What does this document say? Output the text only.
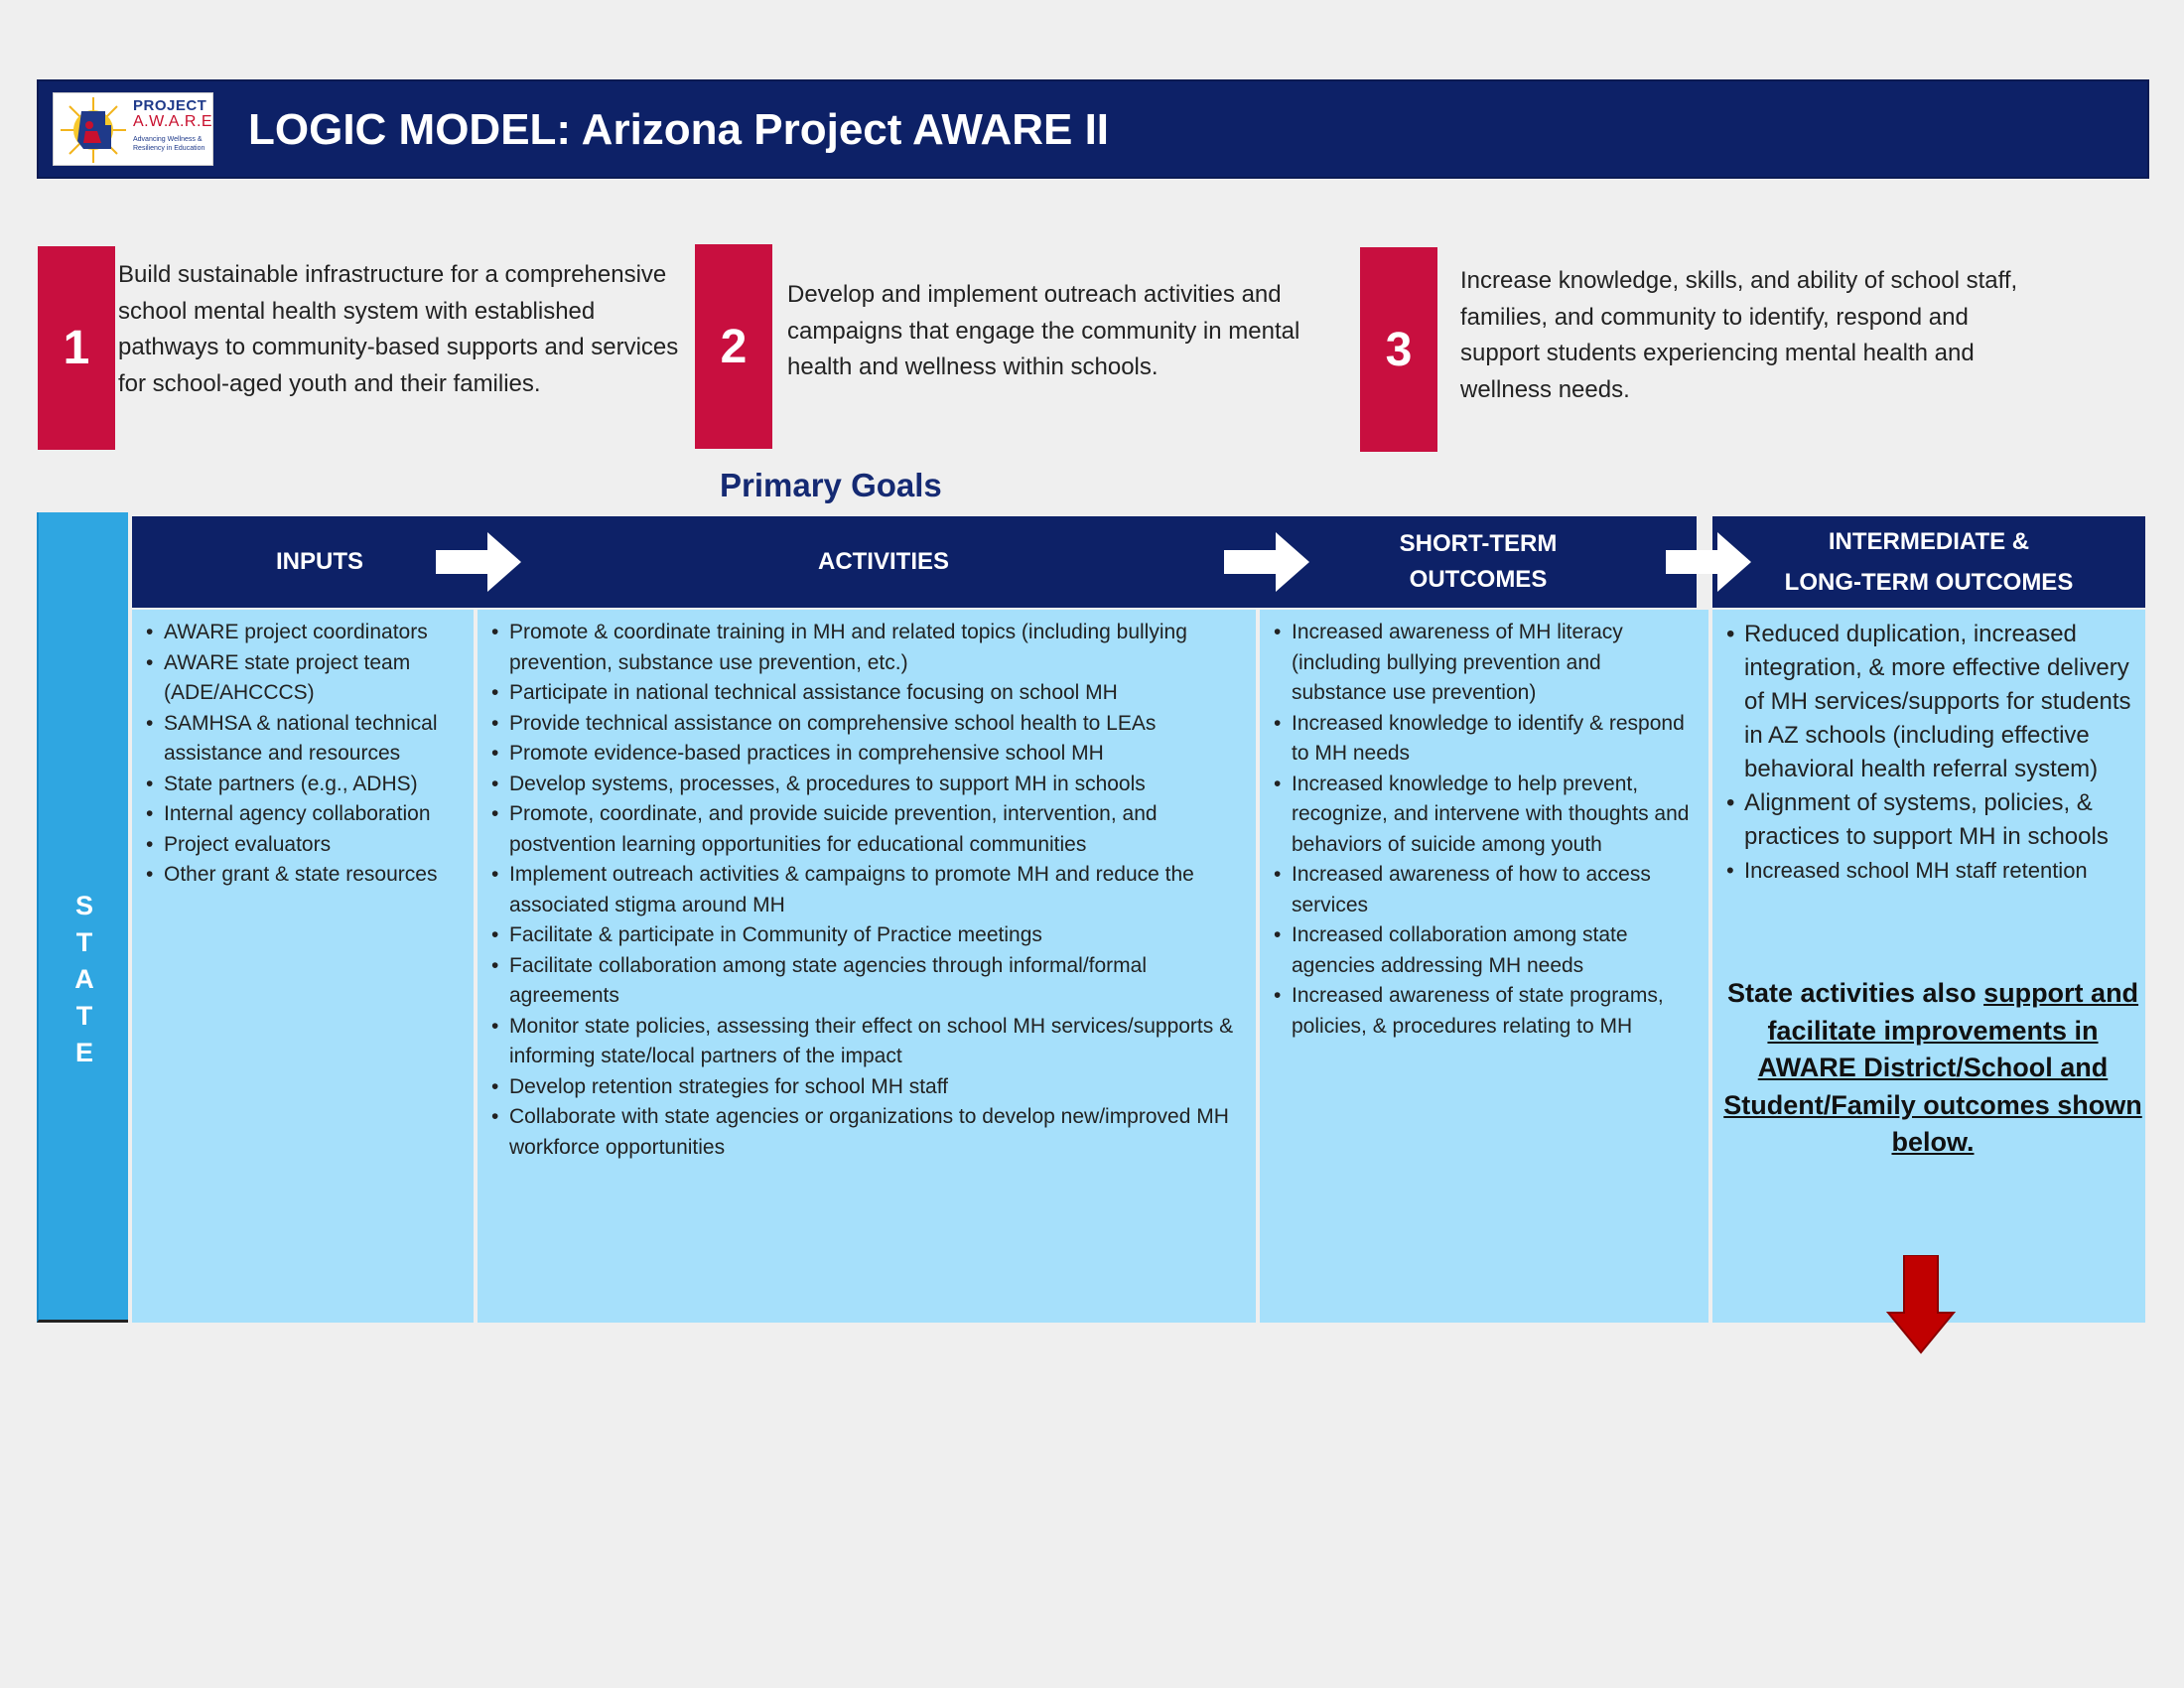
PROJECT
A.W.A.R.E
Advancing Wellness & Resiliency in Education LOGIC MODEL: Arizona Project AWARE II
1
Build sustainable infrastructure for a comprehensive school mental health system with established pathways to community-based supports and services for school-aged youth and their families.
2
Develop and implement outreach activities and campaigns that engage the community in mental health and wellness within schools.	3
Increase knowledge, skills, and ability of school staff, families, and community to identify, respond and support students experiencing mental health and wellness needs.
Primary Goals
S
T
A
T
E
INPUTS	ACTIVITIES
SHORT-TERM
OUTCOMES
INTERMEDIATE &
LONG-TERM OUTCOMES
• AWARE project coordinators
• AWARE state project team (ADE/AHCCCS)
• SAMHSA & national technical assistance and resources
• State partners (e.g., ADHS)
• Internal agency collaboration
• Project evaluators
• Other grant & state resources
• Promote & coordinate training in MH and related topics (including bullying prevention, substance use prevention, etc.)
• Participate in national technical assistance focusing on school MH
• Provide technical assistance on comprehensive school health to LEAs
• Promote evidence-based practices in comprehensive school MH
• Develop systems, processes, & procedures to support MH in schools
• Promote, coordinate, and provide suicide prevention, intervention, and postvention learning opportunities for educational communities
• Implement outreach activities & campaigns to promote MH and reduce the associated stigma around MH
• Facilitate & participate in Community of Practice meetings
• Facilitate collaboration among state agencies through informal/formal agreements
• Monitor state policies, assessing their effect on school MH services/supports & informing state/local partners of the impact
• Develop retention strategies for school MH staff
• Collaborate with state agencies or organizations to develop new/improved MH workforce opportunities
• Increased awareness of MH literacy (including bullying prevention and substance use prevention)
• Increased knowledge to identify & respond to MH needs
• Increased knowledge to help prevent, recognize, and intervene with thoughts and behaviors of suicide among youth
• Increased awareness of how to access services
• Increased collaboration among state agencies addressing MH needs
• Increased awareness of state programs, policies, & procedures relating to MH
• Reduced duplication, increased integration, & more effective delivery of MH services/supports for students in AZ schools (including effective behavioral health referral system)
• Alignment of systems, policies, & practices to support MH in schools
• Increased school MH staff retention
State activities also support and facilitate improvements in AWARE District/School and Student/Family outcomes shown below.
